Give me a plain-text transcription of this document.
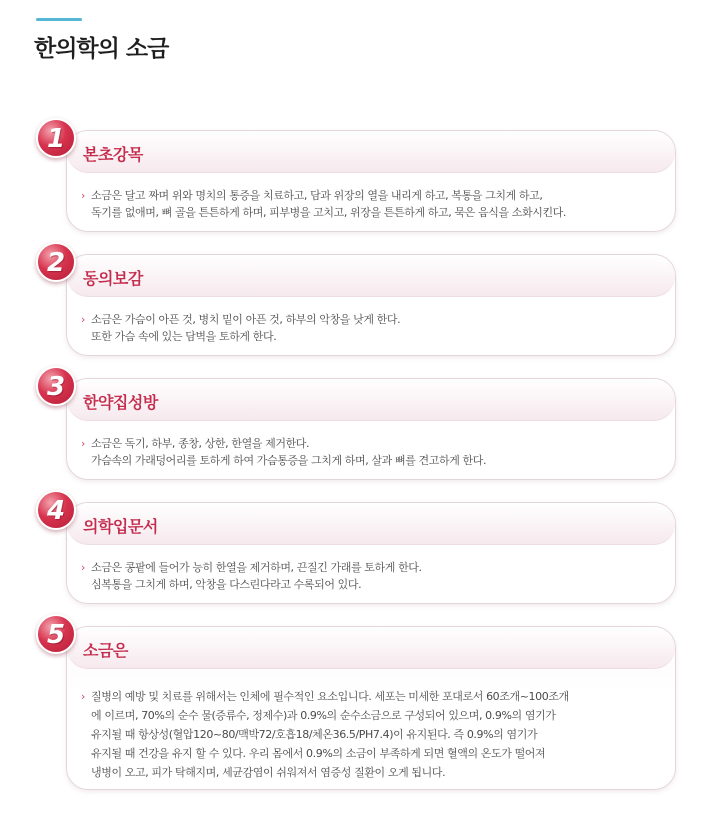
한의학의 소금
본초강목
› 소금은 달고 짜며 위와 명치의 통증을 치료하고, 담과 위장의 열을 내리게 하고, 복통을 그치게 하고,
독기를 없애며, 뼈 골을 튼튼하게 하며, 피부병을 고치고, 위장을 튼튼하게 하고, 묵은 음식을 소화시킨다.
1
동의보감
› 소금은 가슴이 아픈 것, 병치 밑이 아픈 것, 하부의 악창을 낫게 한다.
또한 가슴 속에 있는 담벽을 토하게 한다.
2
한약집성방
› 소금은 독기, 하부, 종창, 상한, 한열을 제거한다.
가슴속의 가래덩어리를 토하게 하여 가슴통증을 그치게 하며, 살과 뼈를 견고하게 한다.
3
의학입문서
› 소금은 콩팥에 들어가 능히 한열을 제거하며, 끈질긴 가래를 토하게 한다.
심복통을 그치게 하며, 악창을 다스린다라고 수록되어 있다.
4
소금은
› 질병의 예방 및 치료를 위해서는 인체에 필수적인 요소입니다. 세포는 미세한 포대로서 60조개~100조개
에 이르며, 70%의 순수 물(증류수, 정제수)과 0.9%의 순수소금으로 구성되어 있으며, 0.9%의 염기가
유지될 때 항상성(혈압120~80/맥박72/호흡18/체온36.5/PH7.4)이 유지된다. 즉 0.9%의 염기가
유지될 때 건강을 유지 할 수 있다. 우리 몸에서 0.9%의 소금이 부족하게 되면 혈액의 온도가 떨어져
냉병이 오고, 피가 탁해지며, 세균감염이 쉬워져서 염증성 질환이 오게 됩니다.
5
